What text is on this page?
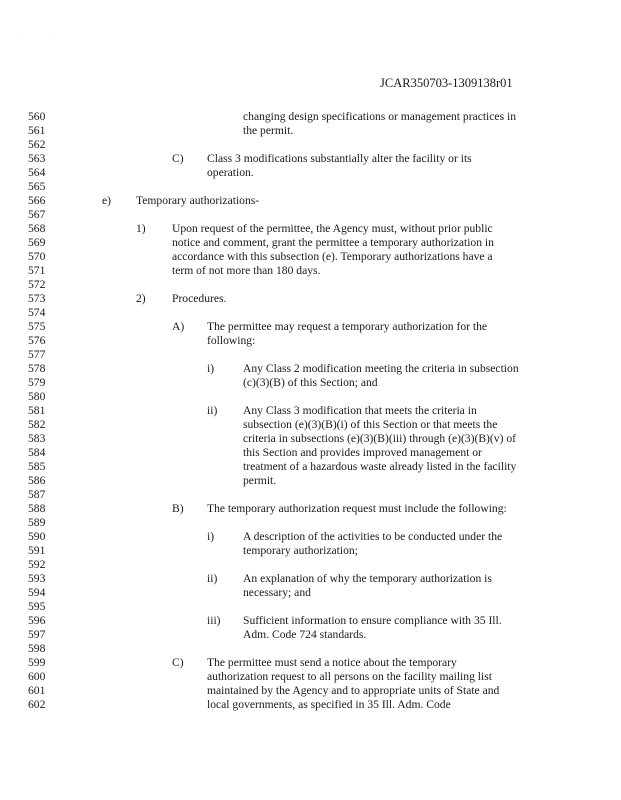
· ·
JCAR350703-1309138r01
560
561
562
563
564
565
566
567
568
569
570
571
572
573
574
575
576
577
578
579
580
581
582
583
584
585
586
587
588
589
590
591
592
593
594
595
596
597
598
599
600
601
602
changing design specifications or management practices in
the permit.
C) Class 3 modifications substantially alter the facility or its
operation.
e) Temporary authorizations-
1) Upon request of the permittee, the Agency must, without prior public
notice and comment, grant the permittee a temporary authorization in
accordance with this subsection (e). Temporary authorizations have a
term of not more than 180 days.
2) Procedures.
A) The permittee may request a temporary authorization for the
following:
i) Any Class 2 modification meeting the criteria in subsection
(c)(3)(B) of this Section; and
ii) Any Class 3 modification that meets the criteria in
subsection (e)(3)(B)(i) of this Section or that meets the
criteria in subsections (e)(3)(B)(iii) through (e)(3)(B)(v) of
this Section and provides improved management or
treatment of a hazardous waste already listed in the facility
permit.
B) The temporary authorization request must include the following:
i) A description of the activities to be conducted under the
temporary authorization;
ii) An explanation of why the temporary authorization is
necessary; and
iii) Sufficient information to ensure compliance with 35 Ill.
Adm. Code 724 standards.
C) The permittee must send a notice about the temporary
authorization request to all persons on the facility mailing list
maintained by the Agency and to appropriate units of State and
local governments, as specified in 35 Ill. Adm. Code
